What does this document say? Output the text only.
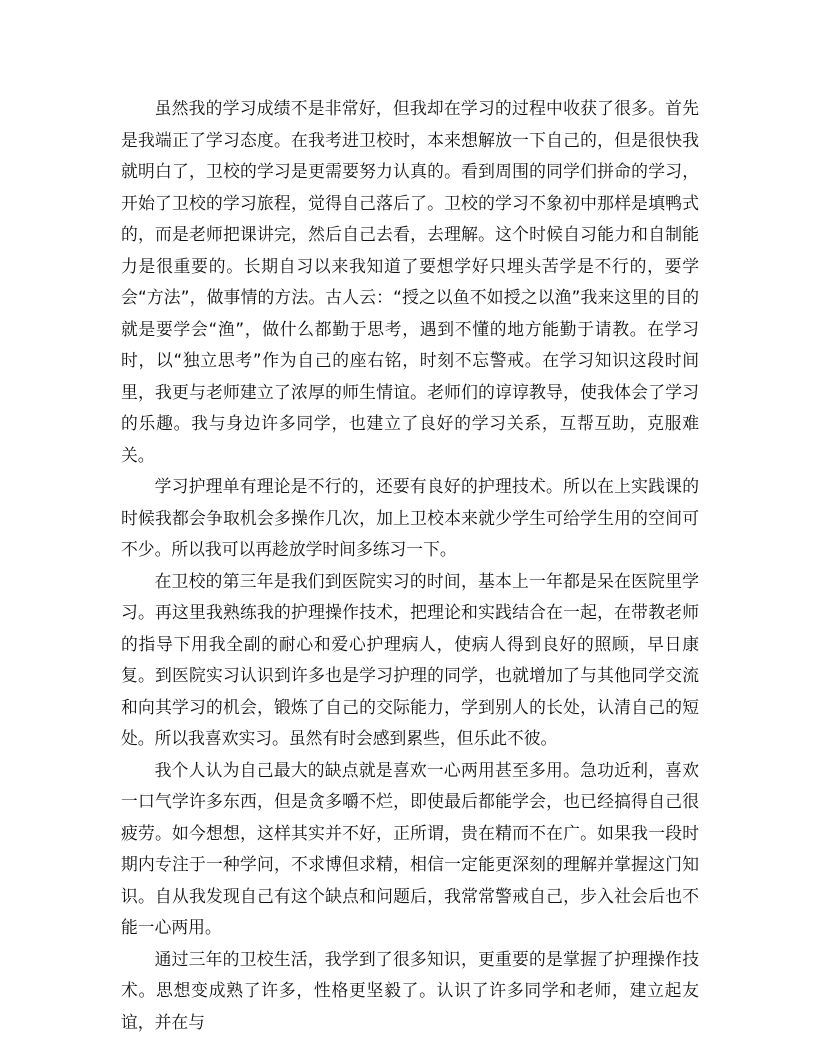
虽然我的学习成绩不是非常好，但我却在学习的过程中收获了很多。首先是我端正了学习态度。在我考进卫校时，本来想解放一下自己的，但是很快我就明白了，卫校的学习是更需要努力认真的。看到周围的同学们拼命的学习，开始了卫校的学习旅程，觉得自己落后了。卫校的学习不象初中那样是填鸭式的，而是老师把课讲完，然后自己去看，去理解。这个时候自习能力和自制能力是很重要的。长期自习以来我知道了要想学好只埋头苦学是不行的，要学会“方法”，做事情的方法。古人云：“授之以鱼不如授之以渔”我来这里的目的就是要学会“渔”，做什么都勤于思考，遇到不懂的地方能勤于请教。在学习时，以“独立思考”作为自己的座右铭，时刻不忘警戒。在学习知识这段时间里，我更与老师建立了浓厚的师生情谊。老师们的谆谆教导，使我体会了学习的乐趣。我与身边许多同学，也建立了良好的学习关系，互帮互助，克服难关。

学习护理单有理论是不行的，还要有良好的护理技术。所以在上实践课的时候我都会争取机会多操作几次，加上卫校本来就少学生可给学生用的空间可不少。所以我可以再趁放学时间多练习一下。

在卫校的第三年是我们到医院实习的时间，基本上一年都是呆在医院里学习。再这里我熟练我的护理操作技术，把理论和实践结合在一起，在带教老师的指导下用我全副的耐心和爱心护理病人，使病人得到良好的照顾，早日康复。到医院实习认识到许多也是学习护理的同学，也就增加了与其他同学交流和向其学习的机会，锻炼了自己的交际能力，学到别人的长处，认清自己的短处。所以我喜欢实习。虽然有时会感到累些，但乐此不彼。

我个人认为自己最大的缺点就是喜欢一心两用甚至多用。急功近利，喜欢一口气学许多东西，但是贪多嚼不烂，即使最后都能学会，也已经搞得自己很疲劳。如今想想，这样其实并不好，正所谓，贵在精而不在广。如果我一段时期内专注于一种学问，不求博但求精，相信一定能更深刻的理解并掌握这门知识。自从我发现自己有这个缺点和问题后，我常常警戒自己，步入社会后也不能一心两用。

通过三年的卫校生活，我学到了很多知识，更重要的是掌握了护理操作技术。思想变成熟了许多，性格更坚毅了。认识了许多同学和老师，建立起友谊，并在与
